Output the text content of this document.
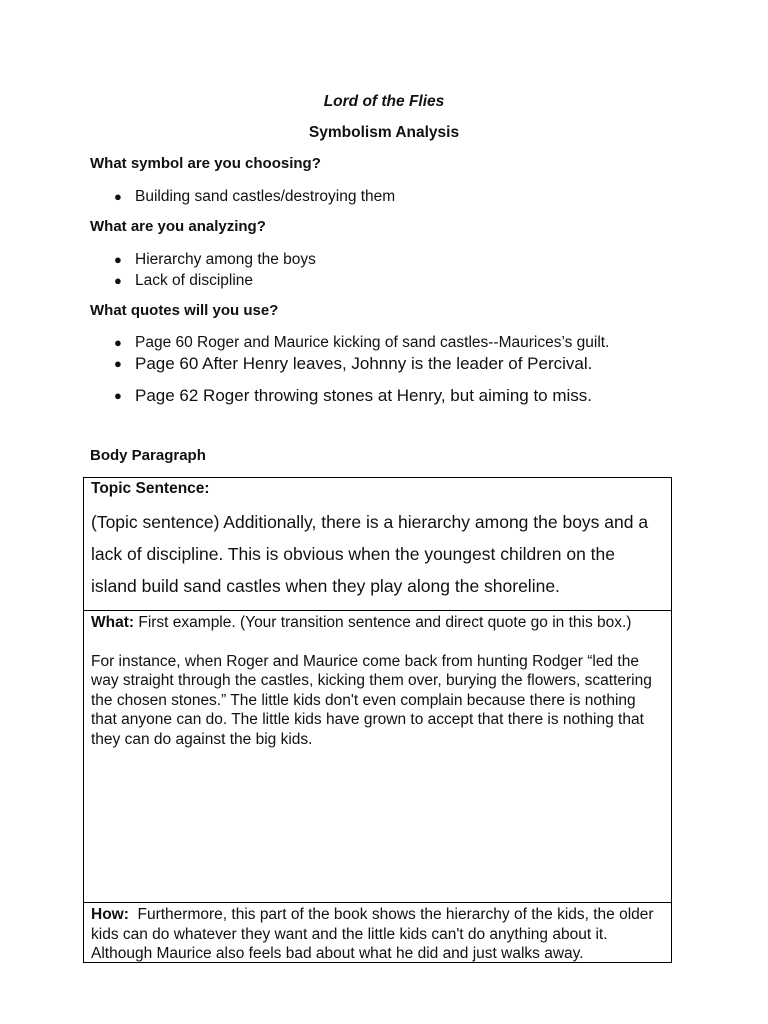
Lord of the Flies
Symbolism Analysis

What symbol are you choosing?

● Building sand castles/destroying them

What are you analyzing?

● Hierarchy among the boys
● Lack of discipline

What quotes will you use?

● Page 60 Roger and Maurice kicking of sand castles--Maurices’s guilt.
● Page 60 After Henry leaves, Johnny is the leader of Percival.
● Page 62 Roger throwing stones at Henry, but aiming to miss.

Body Paragraph

Topic Sentence:

(Topic sentence) Additionally, there is a hierarchy among the boys and a lack of discipline. This is obvious when the youngest children on the island build sand castles when they play along the shoreline.

What: First example. (Your transition sentence and direct quote go in this box.)

For instance, when Roger and Maurice come back from hunting Rodger “led the way straight through the castles, kicking them over, burying the flowers, scattering the chosen stones.” The little kids don't even complain because there is nothing that anyone can do. The little kids have grown to accept that there is nothing that they can do against the big kids.

How:  Furthermore, this part of the book shows the hierarchy of the kids, the older kids can do whatever they want and the little kids can't do anything about it. Although Maurice also feels bad about what he did and just walks away.
